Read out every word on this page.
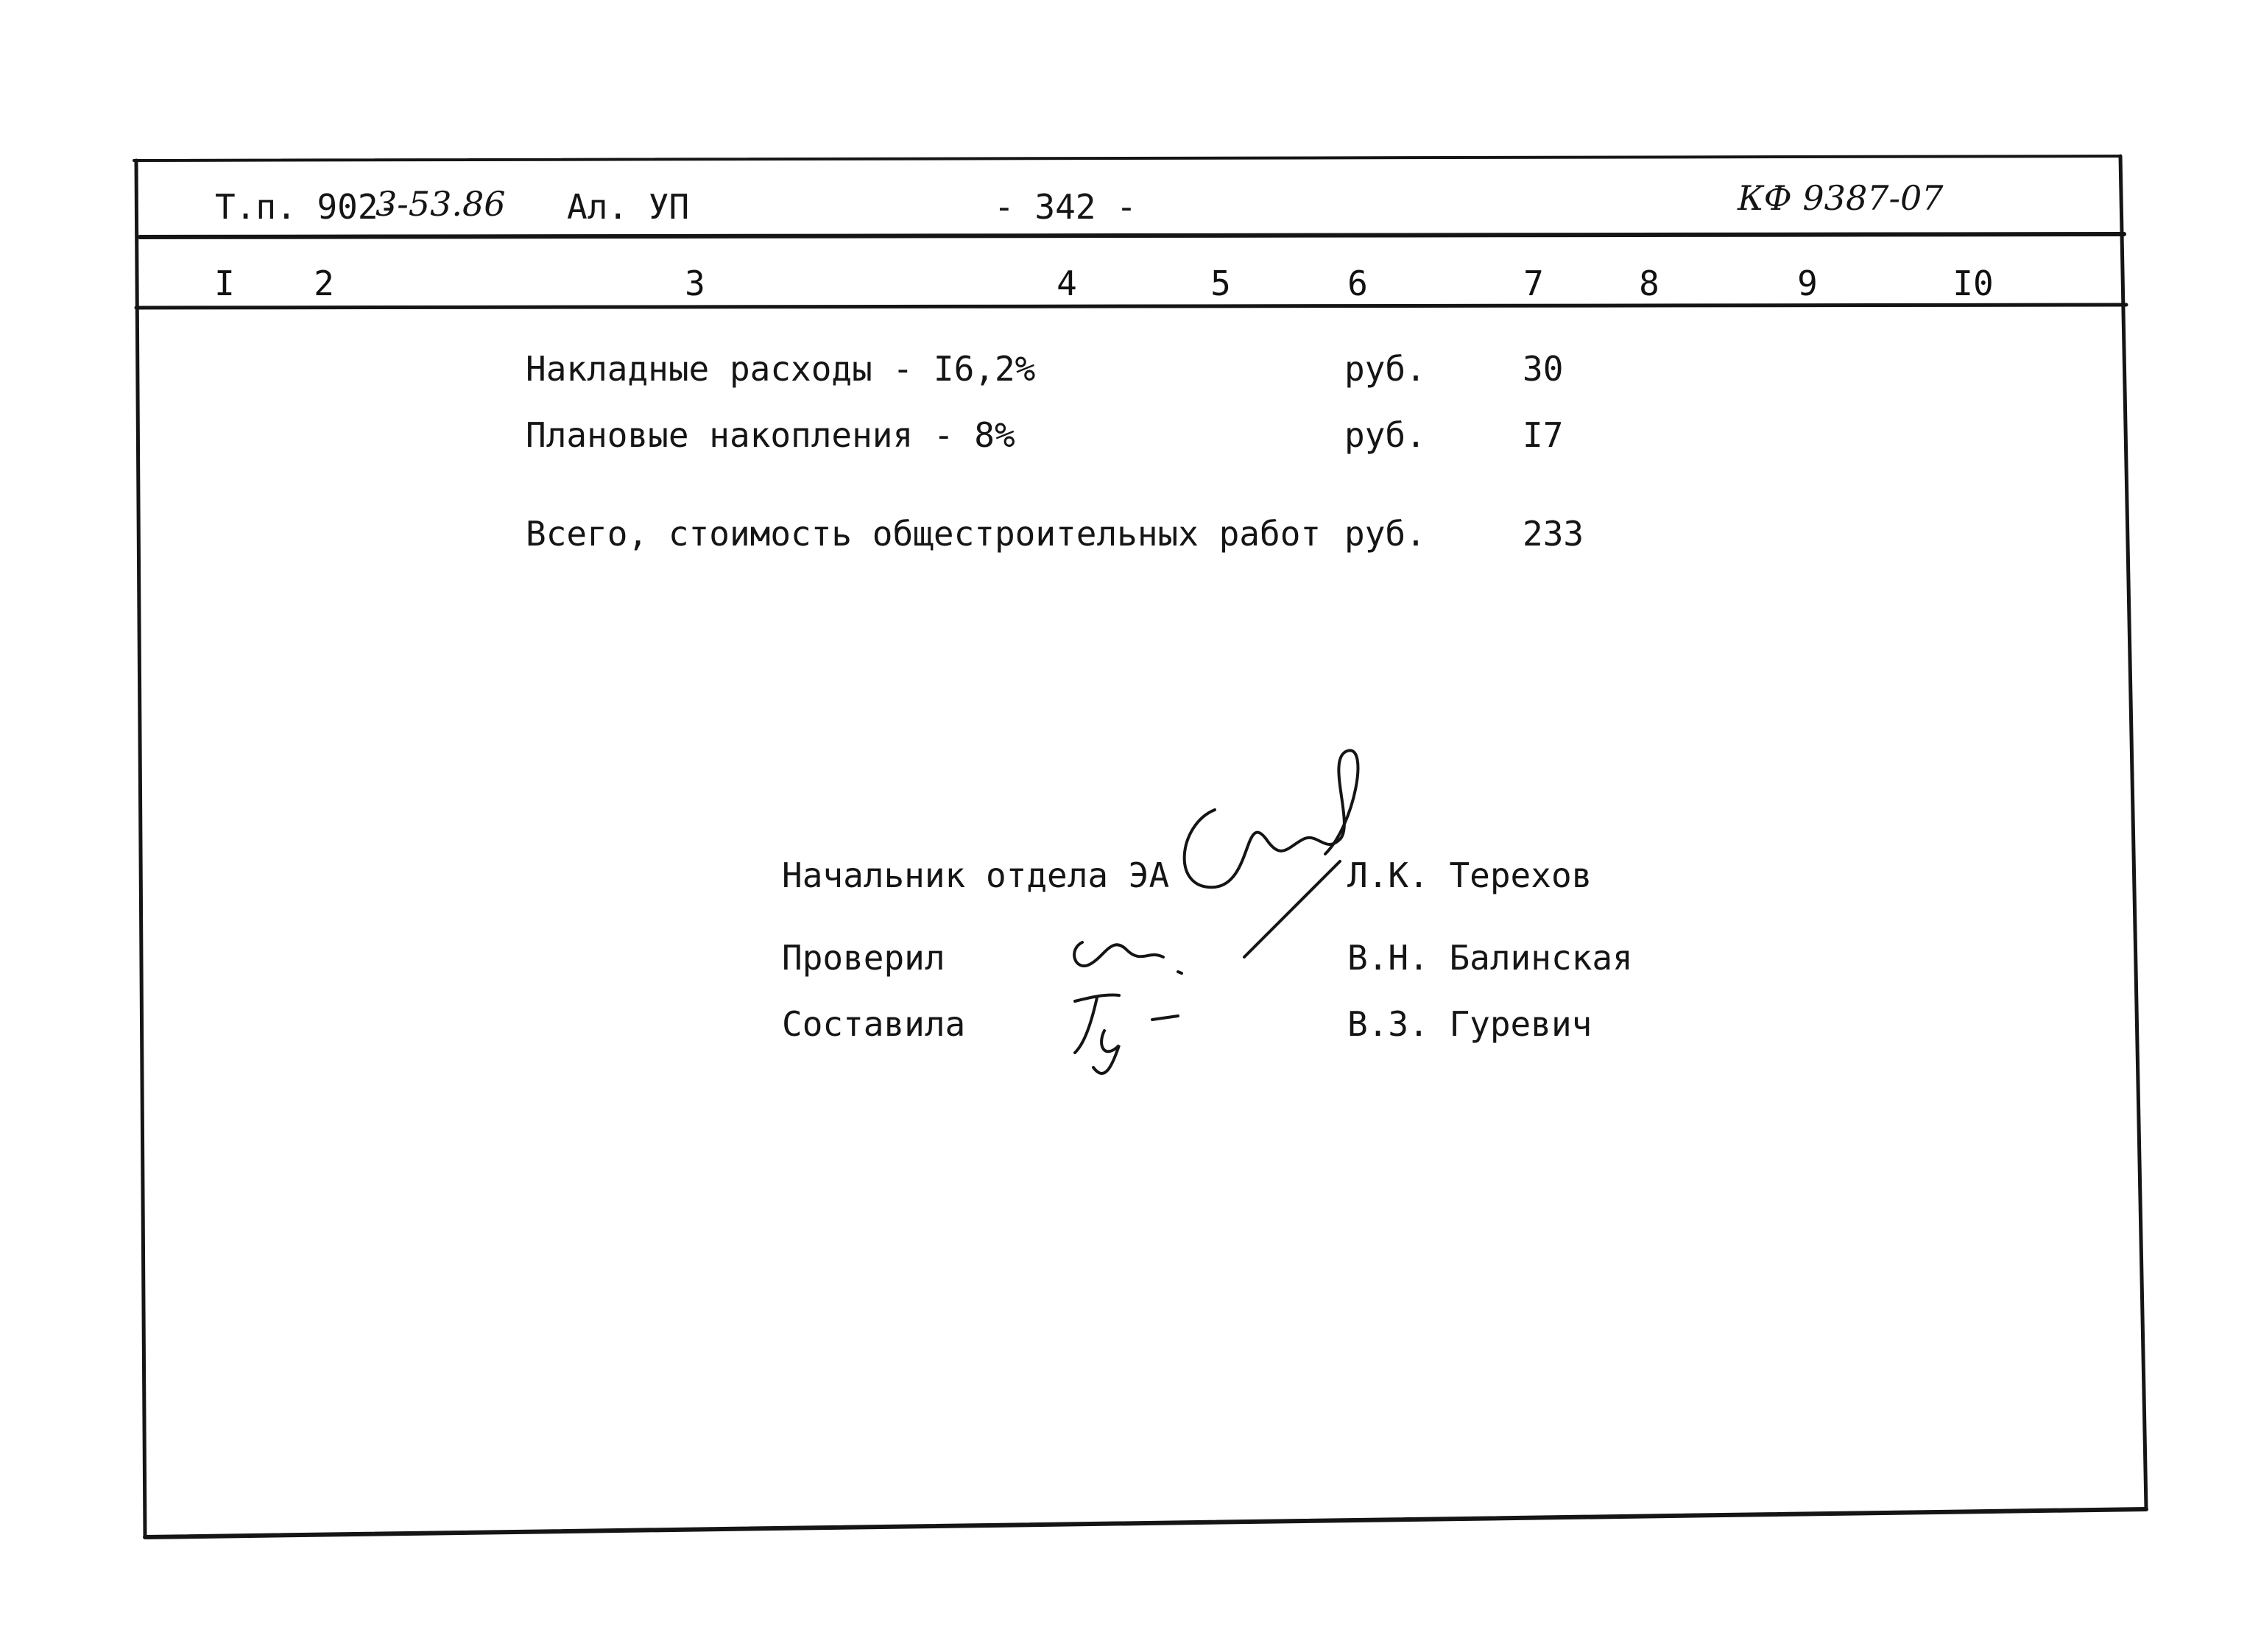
Т.п. 902-
3-53.86 Ал. УП	- 342 -	КФ 9387-07
I 2	3	4	5	6	7	8	9	I0
Накладные расходы - I6,2%	руб.	30
Плановые накопления - 8%	руб.	I7
Всего, стоимость общестроительных работ руб.	233
Начальник отдела ЭА	Л.К. Терехов
Проверил	В.Н. Балинская
Составила	В.З. Гуревич
